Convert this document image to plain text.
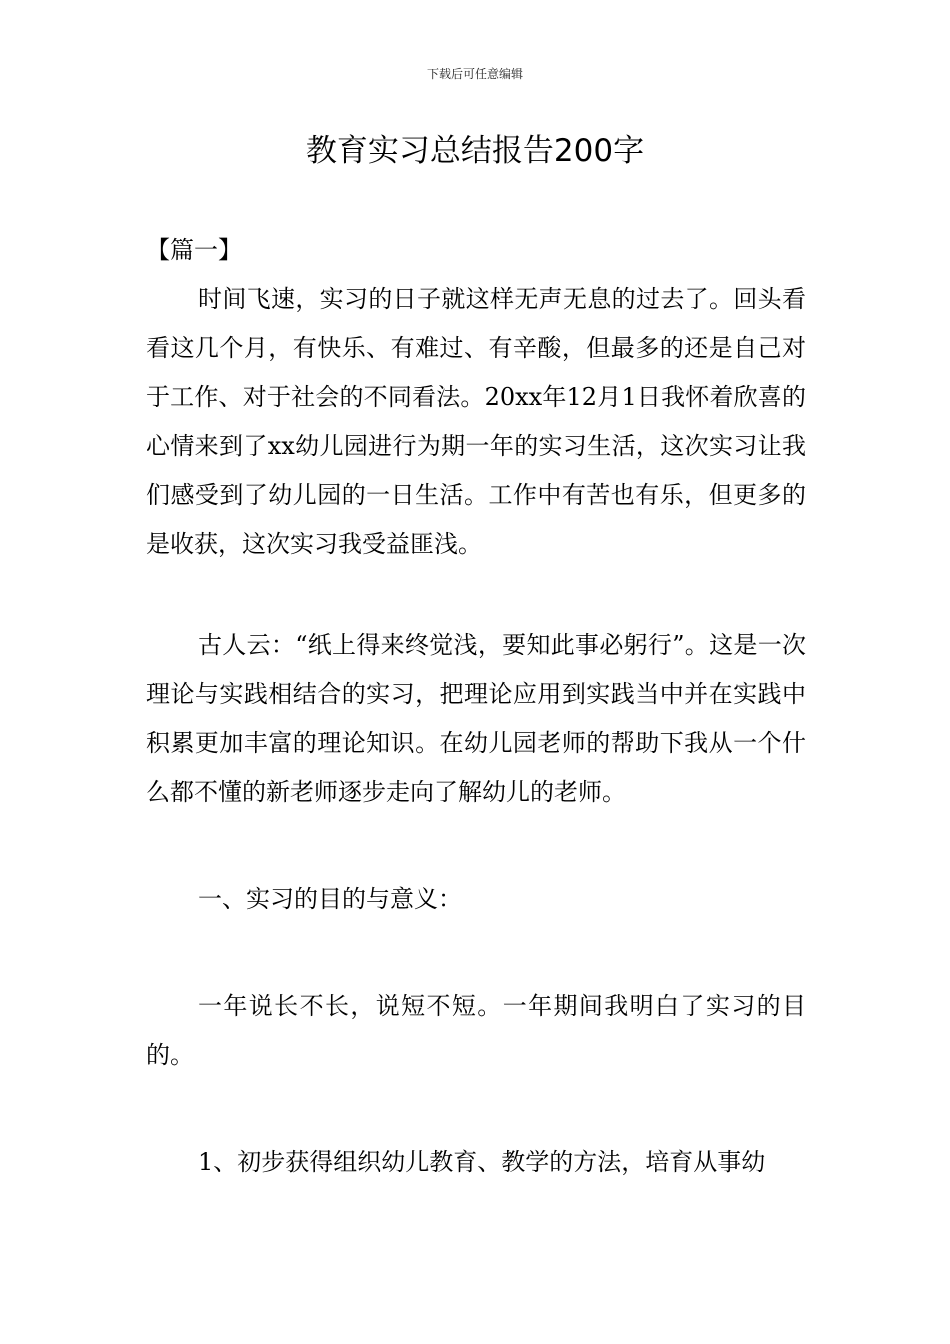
下载后可任意编辑
教育实习总结报告200字

【篇一】

时间飞速，实习的日子就这样无声无息的过去了。回头看看这几个月，有快乐、有难过、有辛酸，但最多的还是自己对于工作、对于社会的不同看法。20xx年12月1日我怀着欣喜的心情来到了xx幼儿园进行为期一年的实习生活，这次实习让我们感受到了幼儿园的一日生活。工作中有苦也有乐，但更多的是收获，这次实习我受益匪浅。

古人云：“纸上得来终觉浅，要知此事必躬行”。这是一次理论与实践相结合的实习，把理论应用到实践当中并在实践中积累更加丰富的理论知识。在幼儿园老师的帮助下我从一个什么都不懂的新老师逐步走向了解幼儿的老师。

一、实习的目的与意义：

一年说长不长，说短不短。一年期间我明白了实习的目的。

1、初步获得组织幼儿教育、教学的方法，培育从事幼
